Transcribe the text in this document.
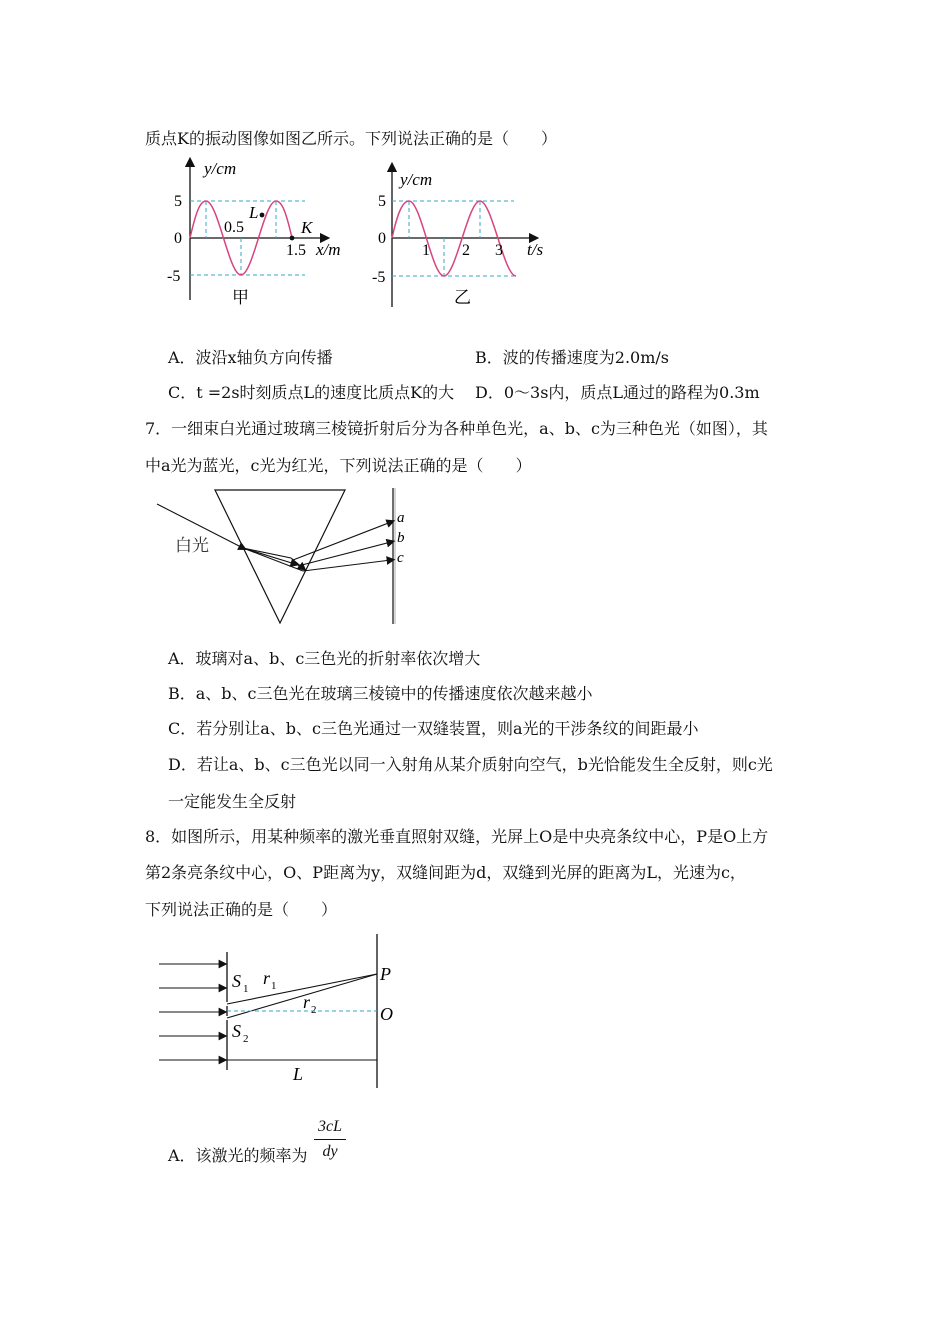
质点K的振动图像如图乙所示。下列说法正确的是（　　）
y/cm
5
0
-5
0.5
1.5 x/m
L
K
甲
y/cm
5
0
-5
1 2 3 t/s
乙
A．波沿x轴负方向传播	B．波的传播速度为2.0m/s
C．t =2s时刻质点L的速度比质点K的大 D．0～3s内，质点L通过的路程为0.3m
7．一细束白光通过玻璃三棱镜折射后分为各种单色光，a、b、c为三种色光（如图），其
中a光为蓝光，c光为红光，下列说法正确的是（　　）
白光
a
b
c
A．玻璃对a、b、c三色光的折射率依次增大
B．a、b、c三色光在玻璃三棱镜中的传播速度依次越来越小
C．若分别让a、b、c三色光通过一双缝装置，则a光的干涉条纹的间距最小
D．若让a、b、c三色光以同一入射角从某介质射向空气，b光恰能发生全反射，则c光
一定能发生全反射
8．如图所示，用某种频率的激光垂直照射双缝，光屏上O是中央亮条纹中心，P是O上方
第2条亮条纹中心，O、P距离为y，双缝间距为d，双缝到光屏的距离为L，光速为c，
下列说法正确的是（　　）
S 1
S 2
r 1
r 2
P
O
L
A．该激光的频率为
3cL
dy
